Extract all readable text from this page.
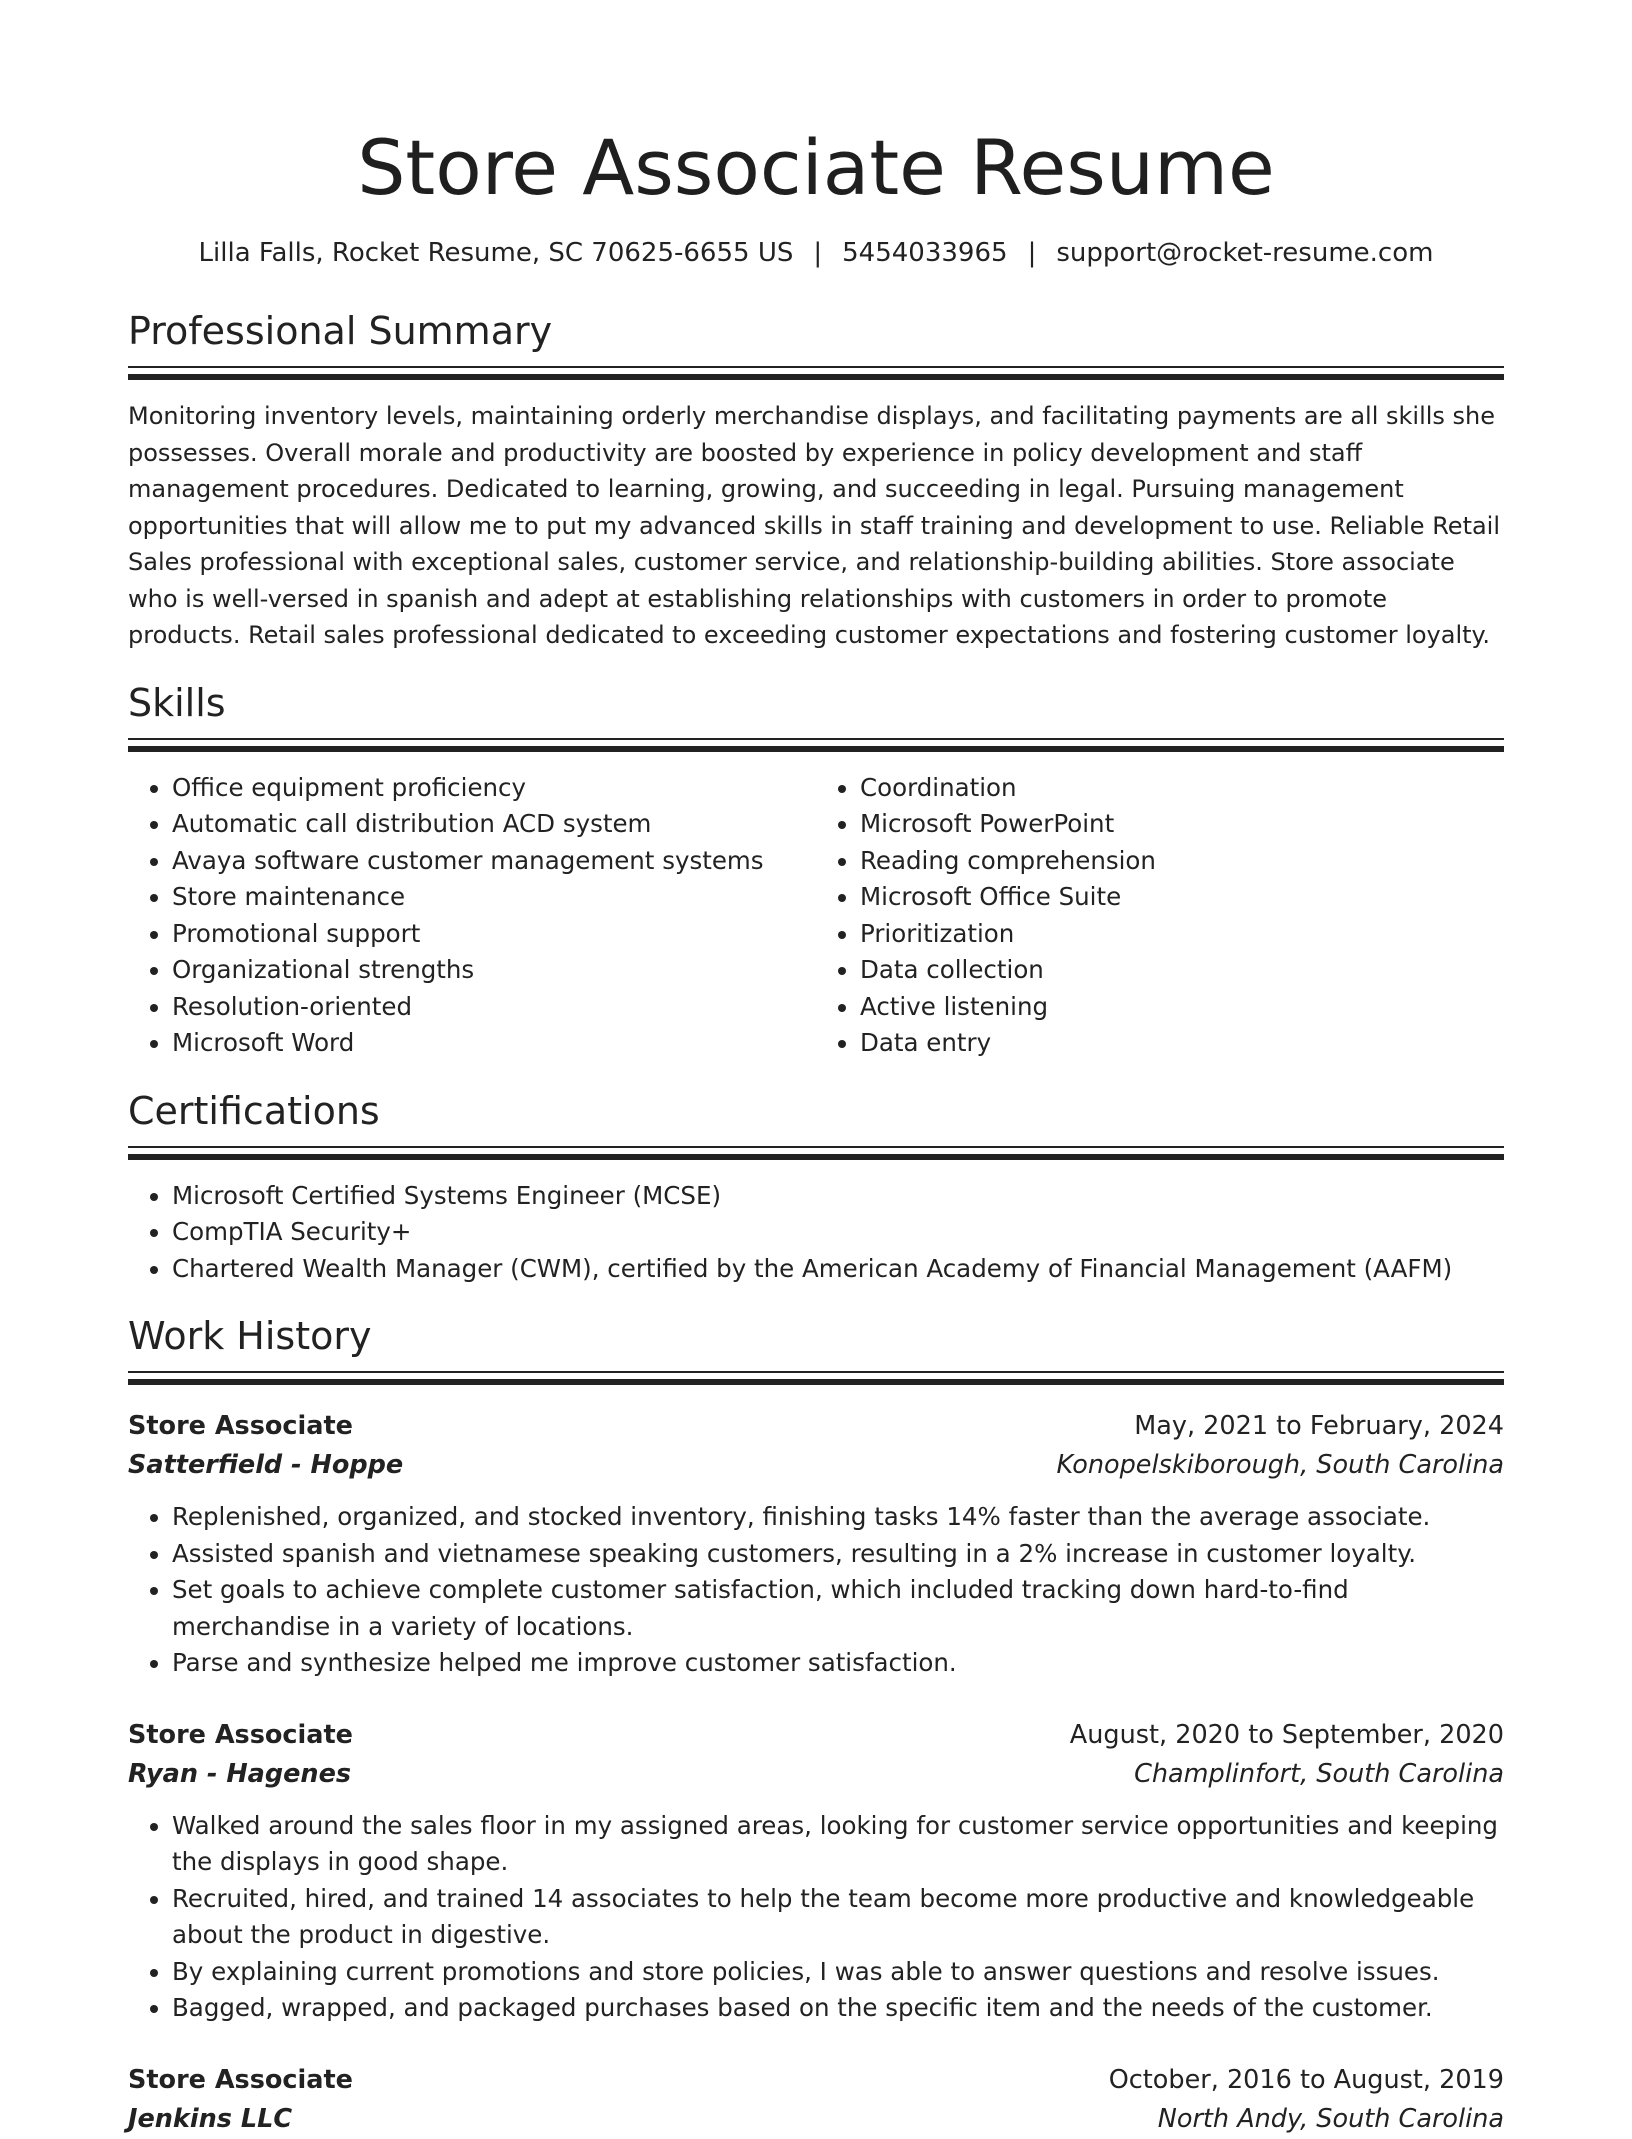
Store Associate Resume
Lilla Falls, Rocket Resume, SC 70625-6655 US | 5454033965 | support@rocket-resume.com
Professional Summary

Monitoring inventory levels, maintaining orderly merchandise displays, and facilitating payments are all skills she possesses. Overall morale and productivity are boosted by experience in policy development and staff management procedures. Dedicated to learning, growing, and succeeding in legal. Pursuing management opportunities that will allow me to put my advanced skills in staff training and development to use. Reliable Retail Sales professional with exceptional sales, customer service, and relationship-building abilities. Store associate who is well-versed in spanish and adept at establishing relationships with customers in order to promote products. Retail sales professional dedicated to exceeding customer expectations and fostering customer loyalty.

Skills
• Office equipment proficiency
• Automatic call distribution ACD system
• Avaya software customer management systems
• Store maintenance
• Promotional support
• Organizational strengths
• Resolution-oriented
• Microsoft Word
• Coordination
• Microsoft PowerPoint
• Reading comprehension
• Microsoft Office Suite
• Prioritization
• Data collection
• Active listening
• Data entry
Certifications
• Microsoft Certified Systems Engineer (MCSE)
• CompTIA Security+
• Chartered Wealth Manager (CWM), certified by the American Academy of Financial Management (AAFM)
Work History
Store Associate	May, 2021 to February, 2024
Satterfield - Hoppe	Konopelskiborough, South Carolina
• Replenished, organized, and stocked inventory, finishing tasks 14% faster than the average associate.
• Assisted spanish and vietnamese speaking customers, resulting in a 2% increase in customer loyalty.
• Set goals to achieve complete customer satisfaction, which included tracking down hard-to-find merchandise in a variety of locations.
• Parse and synthesize helped me improve customer satisfaction.
Store Associate	August, 2020 to September, 2020
Ryan - Hagenes	Champlinfort, South Carolina
• Walked around the sales floor in my assigned areas, looking for customer service opportunities and keeping the displays in good shape.
• Recruited, hired, and trained 14 associates to help the team become more productive and knowledgeable about the product in digestive.
• By explaining current promotions and store policies, I was able to answer questions and resolve issues.
• Bagged, wrapped, and packaged purchases based on the specific item and the needs of the customer.
Store Associate	October, 2016 to August, 2019
Jenkins LLC	North Andy, South Carolina
